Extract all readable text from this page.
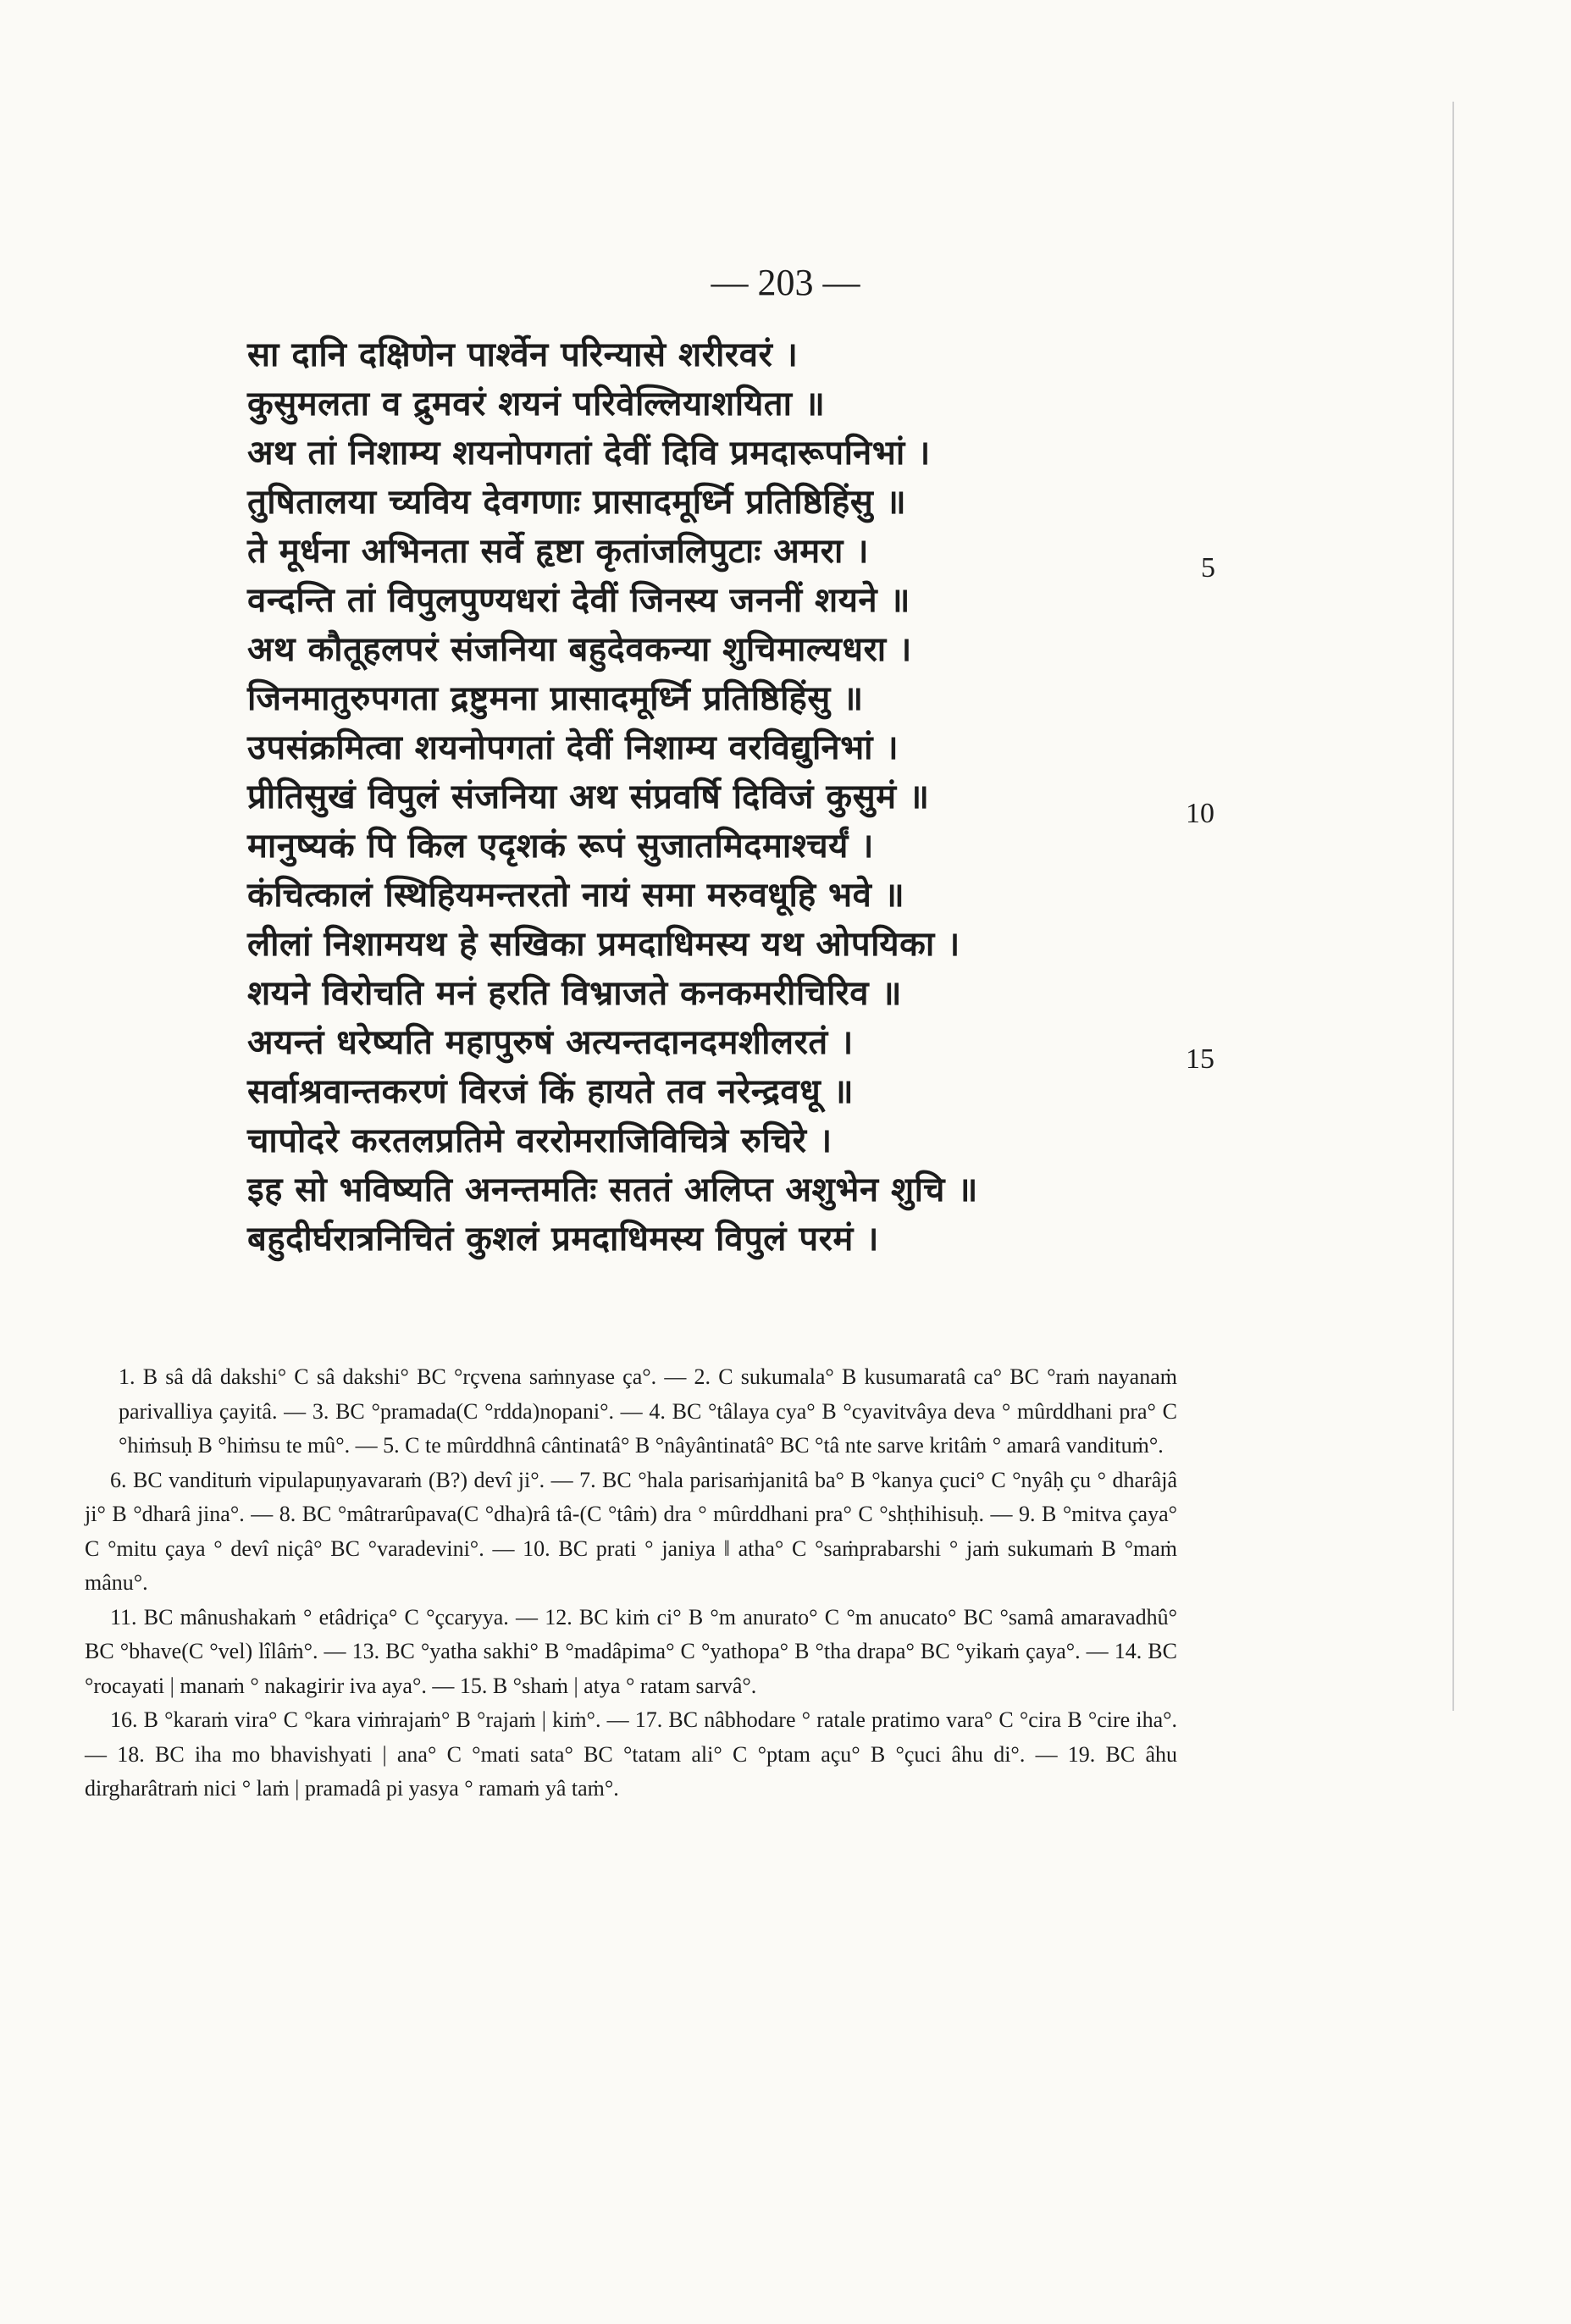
— 203 —
सा दानि दक्षिणेन पार्श्वेन परिन्यासे शरीरवरं ।
कुसुमलता व द्रुमवरं शयनं परिवेल्लियाशयिता ॥
अथ तां निशाम्य शयनोपगतां देवीं दिवि प्रमदारूपनिभां ।
तुषितालया च्यविय देवगणाः प्रासादमूर्ध्नि प्रतिष्ठिहिंसु ॥
ते मूर्धना अभिनता सर्वे हृष्टा कृतांजलिपुटाः अमरा ।
वन्दन्ति तां विपुलपुण्यधरां देवीं जिनस्य जननीं शयने ॥
अथ कौतूहलपरं संजनिया बहुदेवकन्या शुचिमाल्यधरा ।
जिनमातुरुपगता द्रष्टुमना प्रासादमूर्ध्नि प्रतिष्ठिहिंसु ॥
उपसंक्रमित्वा शयनोपगतां देवीं निशाम्य वरविद्युनिभां ।
प्रीतिसुखं विपुलं संजनिया अथ संप्रवर्षि दिविजं कुसुमं ॥
मानुष्यकं पि किल एदृशकं रूपं सुजातमिदमाश्चर्यं ।
कंचित्कालं स्थिहियमन्तरतो नायं समा मरुवधूहि भवे ॥
लीलां निशामयथ हे सखिका प्रमदाधिमस्य यथ ओपयिका ।
शयने विरोचति मनं हरति विभ्राजते कनकमरीचिरिव ॥
अयन्तं धरेष्यति महापुरुषं अत्यन्तदानदमशीलरतं ।
सर्वाश्रवान्तकरणं विरजं किं हायते तव नरेन्द्रवधू ॥
चापोदरे करतलप्रतिमे वररोमराजिविचित्रे रुचिरे ।
इह सो भविष्यति अनन्तमतिः सततं अलिप्त अशुभेन शुचि ॥
बहुदीर्घरात्रनिचितं कुशलं प्रमदाधिमस्य विपुलं परमं ।
5
10
15

1. B sâ dâ dakshi° C sâ dakshi° BC °rçvena saṁnyase ça°. — 2. C sukumala° B kusumaratâ ca° BC °raṁ nayanaṁ parivalliya çayitâ. — 3. BC °pramada(C °rdda)nopani°. — 4. BC °tâlaya cya° B °cyavitvâya deva ° mûrddhani pra° C °hiṁsuḥ B °hiṁsu te mû°. — 5. C te mûrddhnâ cântinatâ° B °nâyântinatâ° BC °tâ nte sarve kritâṁ ° amarâ vandituṁ°.

6. BC vandituṁ vipulapuṇyavaraṁ (B?) devî ji°. — 7. BC °hala parisaṁjanitâ ba° B °kanya çuci° C °nyâḥ çu ° dharâjâ ji° B °dharâ jina°. — 8. BC °mâtrarûpava(C °dha)râ tâ-(C °tâṁ) dra ° mûrddhani pra° C °shṭhihisuḥ. — 9. B °mitva çaya° C °mitu çaya ° devî niçâ° BC °varadevini°. — 10. BC prati ° janiya ‖ atha° C °saṁprabarshi ° jaṁ sukumaṁ B °maṁ mânu°.

11. BC mânushakaṁ ° etâdriça° C °çcaryya. — 12. BC kiṁ ci° B °m anurato° C °m anucato° BC °samâ amaravadhû° BC °bhave(C °vel) lîlâṁ°. — 13. BC °yatha sakhi° B °madâpima° C °yathopa° B °tha drapa° BC °yikaṁ çaya°. — 14. BC °rocayati | manaṁ ° nakagirir iva aya°. — 15. B °shaṁ | atya ° ratam sarvâ°.

16. B °karaṁ vira° C °kara viṁrajaṁ° B °rajaṁ | kiṁ°. — 17. BC nâbhodare ° ratale pratimo vara° C °cira B °cire iha°. — 18. BC iha mo bhavishyati | ana° C °mati sata° BC °tatam ali° C °ptam açu° B °çuci âhu di°. — 19. BC âhu dirgharâtraṁ nici ° laṁ | pramadâ pi yasya ° ramaṁ yâ taṁ°.
